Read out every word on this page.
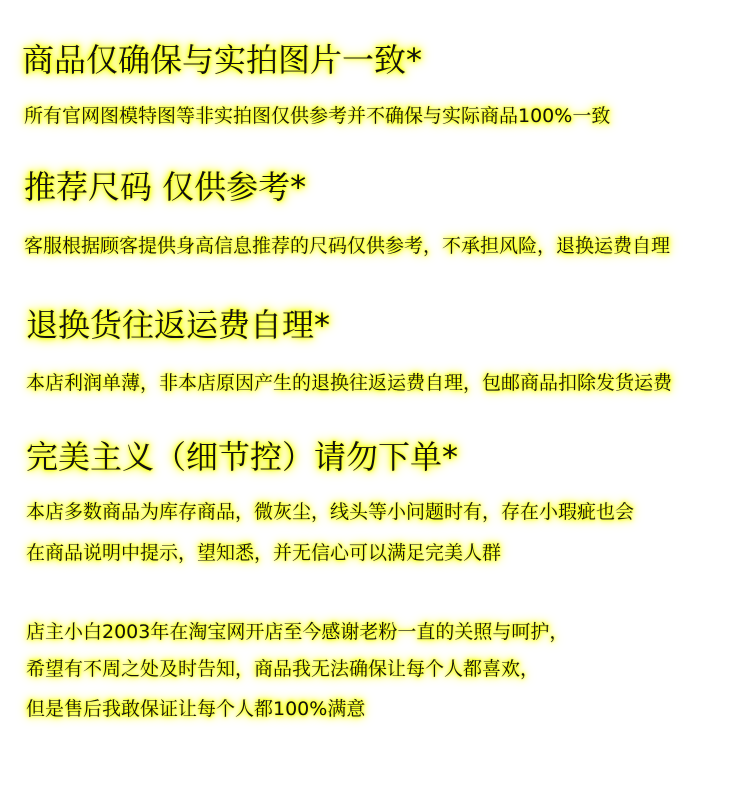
商品仅确保与实拍图片一致*
所有官网图模特图等非实拍图仅供参考并不确保与实际商品100%一致
推荐尺码 仅供参考*
客服根据顾客提供身高信息推荐的尺码仅供参考，不承担风险，退换运费自理
退换货往返运费自理*
本店利润单薄，非本店原因产生的退换往返运费自理，包邮商品扣除发货运费
完美主义（细节控）请勿下单*
本店多数商品为库存商品，微灰尘，线头等小问题时有，存在小瑕疵也会
在商品说明中提示，望知悉，并无信心可以满足完美人群
店主小白2003年在淘宝网开店至今感谢老粉一直的关照与呵护，
希望有不周之处及时告知，商品我无法确保让每个人都喜欢，
但是售后我敢保证让每个人都100%满意
